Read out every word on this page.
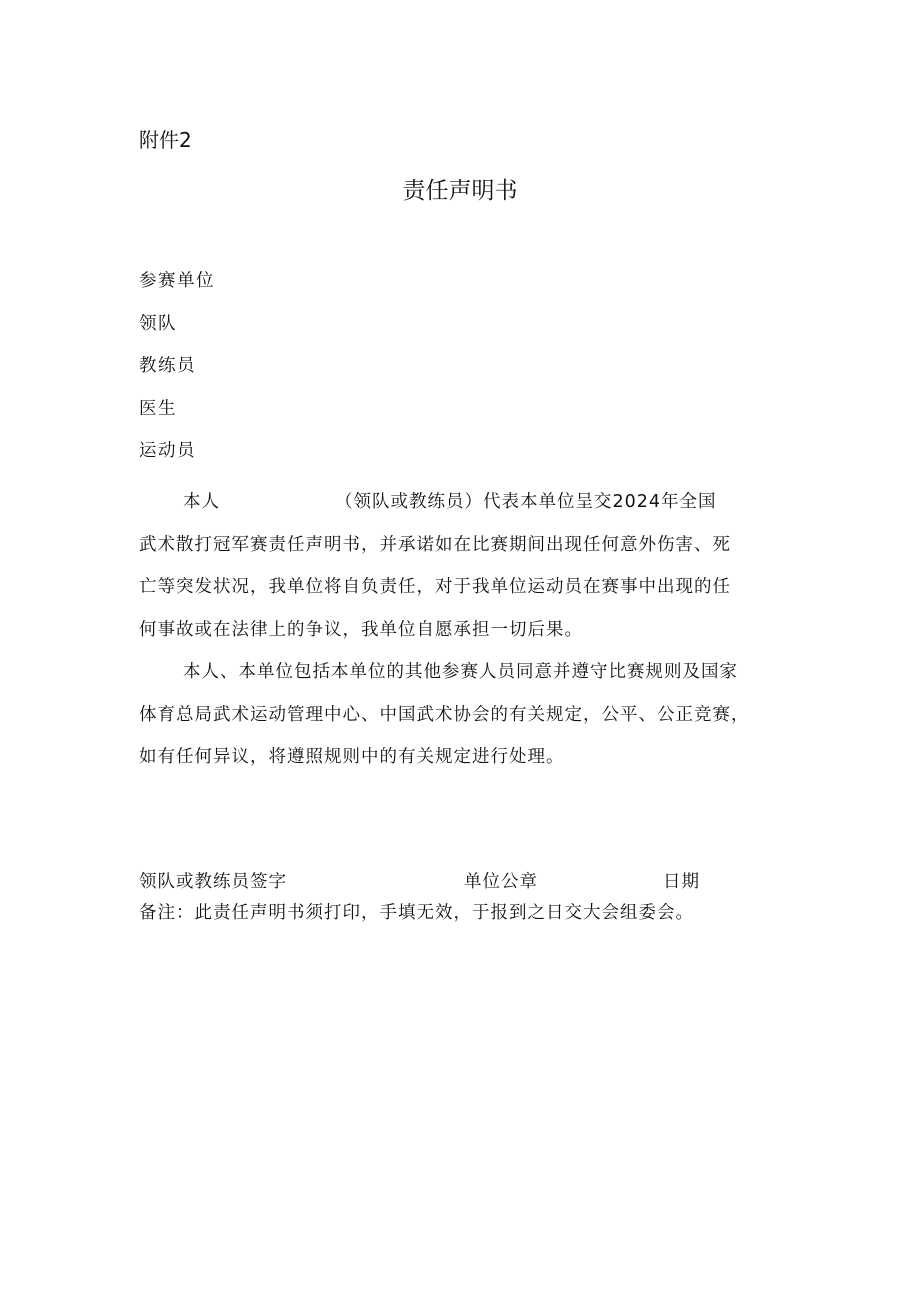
附件2
责任声明书
参赛单位
领队
教练员
医生
运动员
本人	（领队或教练员）代表本单位呈交2024年全国
武术散打冠军赛责任声明书，并承诺如在比赛期间出现任何意外伤害、死
亡等突发状况，我单位将自负责任，对于我单位运动员在赛事中出现的任
何事故或在法律上的争议，我单位自愿承担一切后果。
本人、本单位包括本单位的其他参赛人员同意并遵守比赛规则及国家
体育总局武术运动管理中心、中国武术协会的有关规定，公平、公正竞赛，
如有任何异议，将遵照规则中的有关规定进行处理。
领队或教练员签字	单位公章	日期
备注：此责任声明书须打印，手填无效，于报到之日交大会组委会。
